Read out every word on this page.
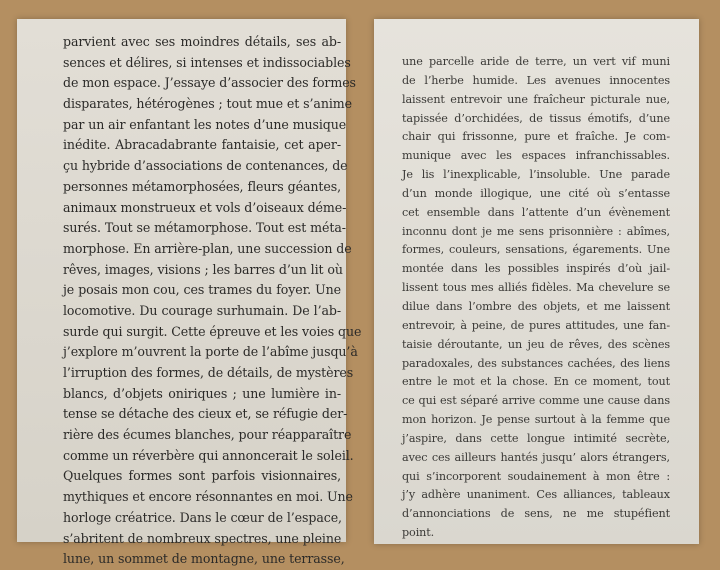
parvient avec ses moindres détails, ses ab-
sences et délires, si intenses et indissociables
de mon espace. J’essaye d’associer des formes
disparates, hétérogènes ; tout mue et s’anime
par un air enfantant les notes d’une musique
inédite. Abracadabrante fantaisie, cet aper-
çu hybride d’associations de contenances, de
personnes métamorphosées, fleurs géantes,
animaux monstrueux et vols d’oiseaux déme-
surés. Tout se métamorphose. Tout est méta-
morphose. En arrière-plan, une succession de
rêves, images, visions ; les barres d’un lit où
je posais mon cou, ces trames du foyer. Une
locomotive. Du courage surhumain. De l’ab-
surde qui surgit. Cette épreuve et les voies que
j’explore m’ouvrent la porte de l’abîme jusqu’à
l’irruption des formes, de détails, de mystères
blancs, d’objets oniriques ; une lumière in-
tense se détache des cieux et, se réfugie der-
rière des écumes blanches, pour réapparaître
comme un réverbère qui annoncerait le soleil.
Quelques formes sont parfois visionnaires,
mythiques et encore résonnantes en moi. Une
horloge créatrice. Dans le cœur de l’espace,
s’abritent de nombreux spectres, une pleine
lune, un sommet de montagne, une terrasse,
une parcelle aride de terre, un vert vif muni
de l’herbe humide. Les avenues innocentes
laissent entrevoir une fraîcheur picturale nue,
tapissée d’orchidées, de tissus émotifs, d’une
chair qui frissonne, pure et fraîche. Je com-
munique avec les espaces infranchissables.
Je lis l’inexplicable, l’insoluble. Une parade
d’un monde illogique, une cité où s’entasse
cet ensemble dans l’attente d’un évènement
inconnu dont je me sens prisonnière : abîmes,
formes, couleurs, sensations, égarements. Une
montée dans les possibles inspirés d’où jail-
lissent tous mes alliés fidèles. Ma chevelure se
dilue dans l’ombre des objets, et me laissent
entrevoir, à peine, de pures attitudes, une fan-
taisie déroutante, un jeu de rêves, des scènes
paradoxales, des substances cachées, des liens
entre le mot et la chose. En ce moment, tout
ce qui est séparé arrive comme une cause dans
mon horizon. Je pense surtout à la femme que
j’aspire, dans cette longue intimité secrète,
avec ces ailleurs hantés jusqu’ alors étrangers,
qui s’incorporent soudainement à mon être :
j’y adhère unaniment. Ces alliances, tableaux
d’annonciations de sens, ne me stupéfient
point.
